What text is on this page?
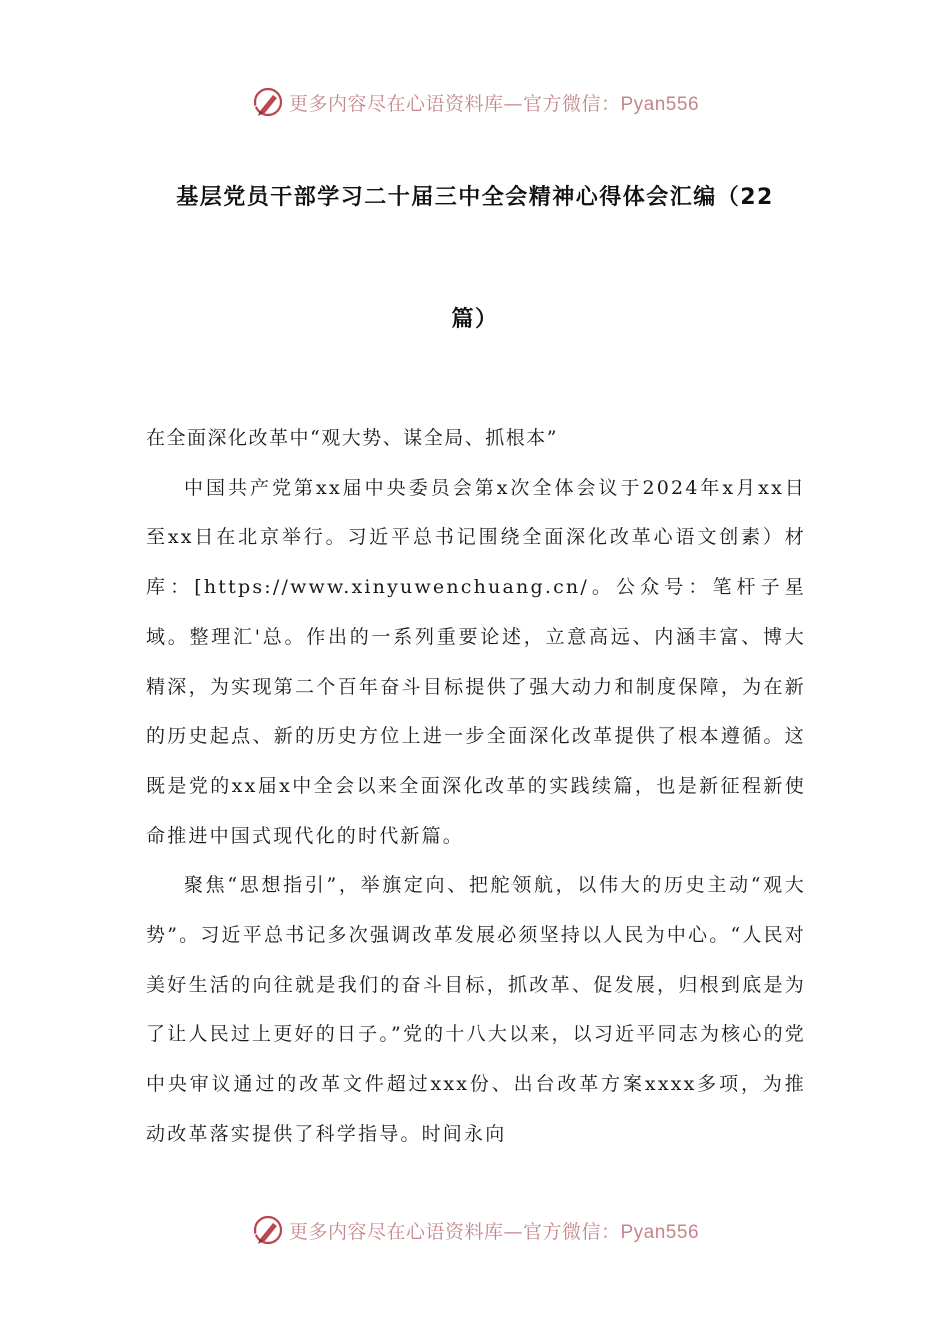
更多内容尽在心语资料库—官方微信：Pyan556
基层党员干部学习二十届三中全会精神心得体会汇编（22
篇）

在全面深化改革中“观大势、谋全局、抓根本”

中国共产党第xx届中央委员会第x次全体会议于2024年x月xx日至xx日在北京举行。习近平总书记围绕全面深化改革心语文创素）材库：[https://www.xinyuwenchuang.cn/。公众号：笔杆子星域。整理汇'总。作出的一系列重要论述，立意高远、内涵丰富、博大精深，为实现第二个百年奋斗目标提供了强大动力和制度保障，为在新的历史起点、新的历史方位上进一步全面深化改革提供了根本遵循。这既是党的xx届x中全会以来全面深化改革的实践续篇，也是新征程新使命推进中国式现代化的时代新篇。

聚焦“思想指引”，举旗定向、把舵领航，以伟大的历史主动“观大势”。习近平总书记多次强调改革发展必须坚持以人民为中心。“人民对美好生活的向往就是我们的奋斗目标，抓改革、促发展，归根到底是为了让人民过上更好的日子。”党的十八大以来，以习近平同志为核心的党中央审议通过的改革文件超过xxx份、出台改革方案xxxx多项，为推动改革落实提供了科学指导。时间永向

更多内容尽在心语资料库—官方微信：Pyan556
